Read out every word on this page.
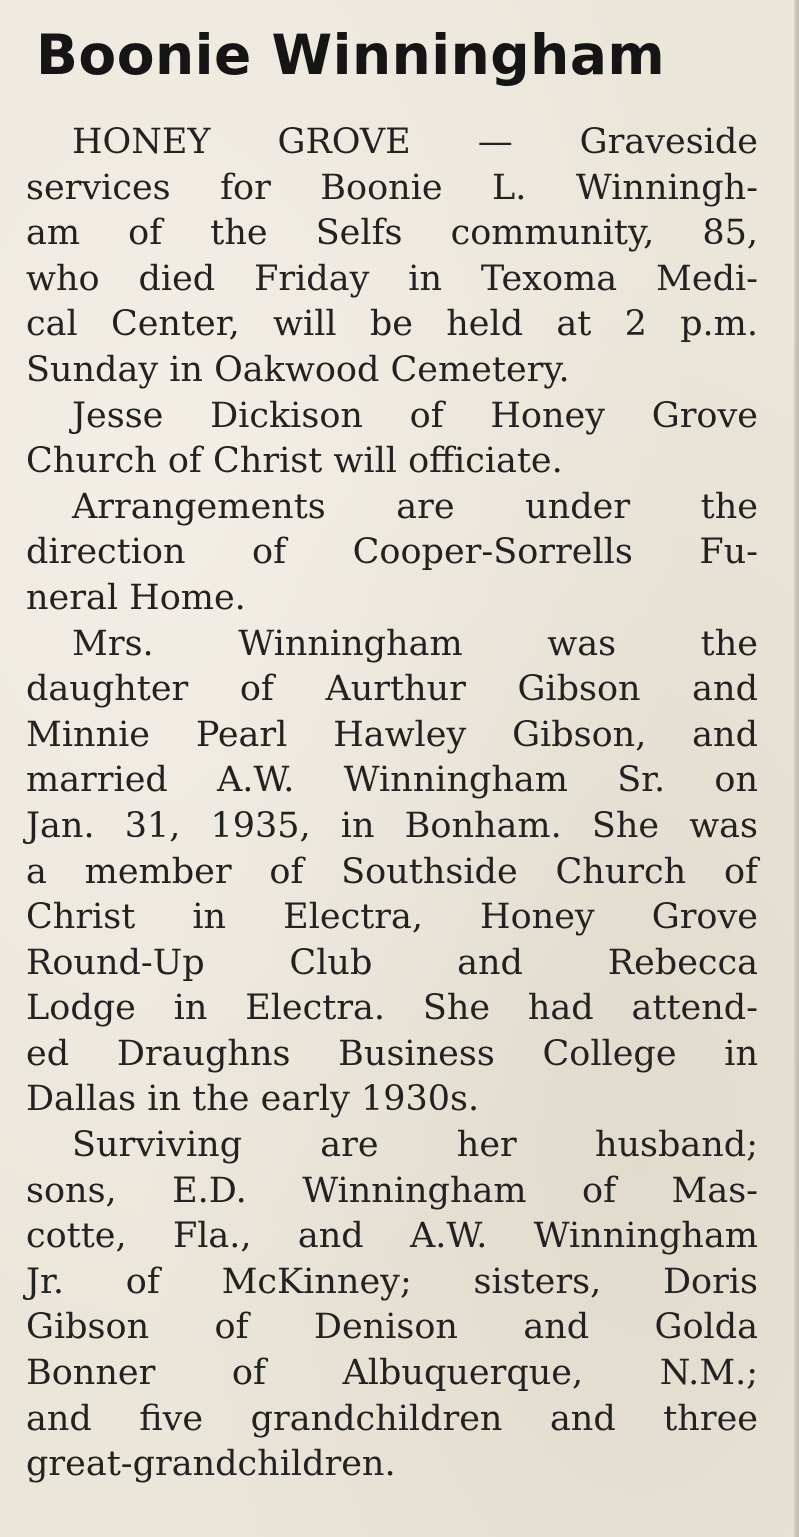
Boonie Winningham
HONEY GROVE — Graveside
services for Boonie L. Winningh-
am of the Selfs community, 85,
who died Friday in Texoma Medi-
cal Center, will be held at 2 p.m.
Sunday in Oakwood Cemetery.
Jesse Dickison of Honey Grove
Church of Christ will officiate.
Arrangements are under the
direction of Cooper-Sorrells Fu-
neral Home.
Mrs. Winningham was the
daughter of Aurthur Gibson and
Minnie Pearl Hawley Gibson, and
married A.W. Winningham Sr. on
Jan. 31, 1935, in Bonham. She was
a member of Southside Church of
Christ in Electra, Honey Grove
Round-Up Club and Rebecca
Lodge in Electra. She had attend-
ed Draughns Business College in
Dallas in the early 1930s.
Surviving are her husband;
sons, E.D. Winningham of Mas-
cotte, Fla., and A.W. Winningham
Jr. of McKinney; sisters, Doris
Gibson of Denison and Golda
Bonner of Albuquerque, N.M.;
and five grandchildren and three
great-grandchildren.
